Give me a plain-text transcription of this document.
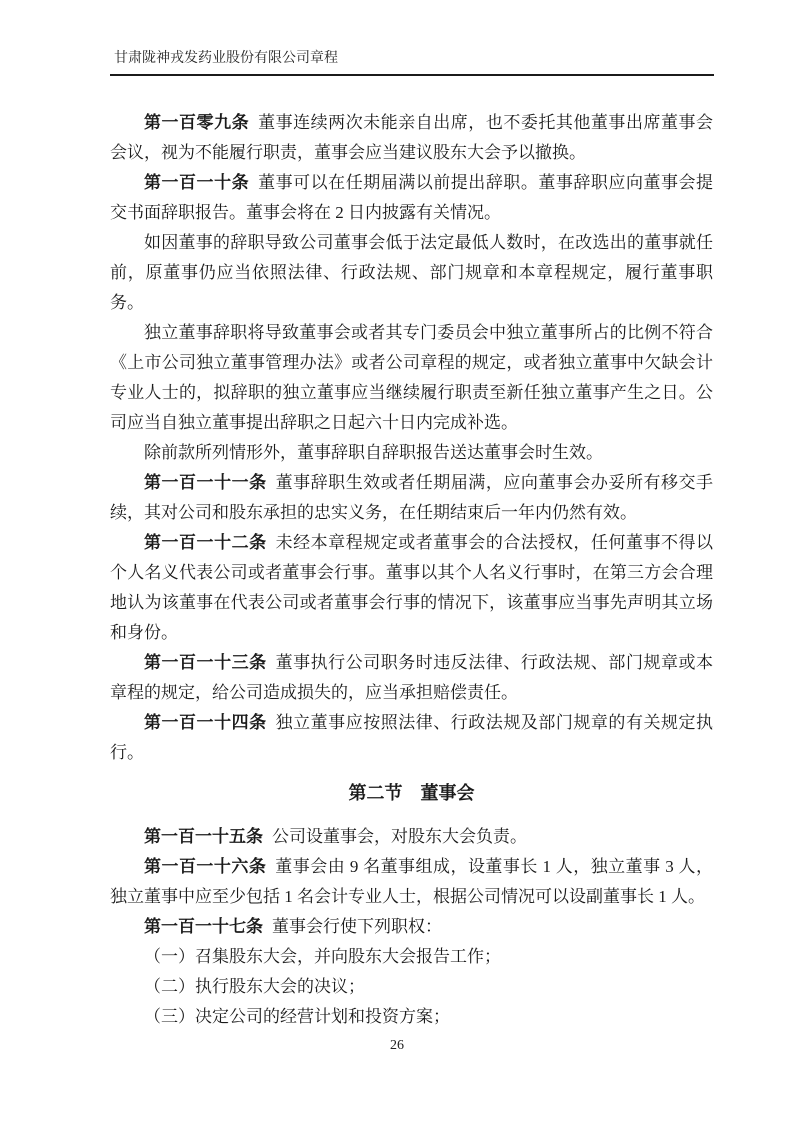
甘肃陇神戎发药业股份有限公司章程

第一百零九条 董事连续两次未能亲自出席，也不委托其他董事出席董事会会议，视为不能履行职责，董事会应当建议股东大会予以撤换。

第一百一十条 董事可以在任期届满以前提出辞职。董事辞职应向董事会提交书面辞职报告。董事会将在 2 日内披露有关情况。

如因董事的辞职导致公司董事会低于法定最低人数时，在改选出的董事就任前，原董事仍应当依照法律、行政法规、部门规章和本章程规定，履行董事职务。

独立董事辞职将导致董事会或者其专门委员会中独立董事所占的比例不符合《上市公司独立董事管理办法》或者公司章程的规定，或者独立董事中欠缺会计专业人士的，拟辞职的独立董事应当继续履行职责至新任独立董事产生之日。公司应当自独立董事提出辞职之日起六十日内完成补选。

除前款所列情形外，董事辞职自辞职报告送达董事会时生效。

第一百一十一条 董事辞职生效或者任期届满，应向董事会办妥所有移交手续，其对公司和股东承担的忠实义务，在任期结束后一年内仍然有效。

第一百一十二条 未经本章程规定或者董事会的合法授权，任何董事不得以个人名义代表公司或者董事会行事。董事以其个人名义行事时，在第三方会合理地认为该董事在代表公司或者董事会行事的情况下，该董事应当事先声明其立场和身份。

第一百一十三条 董事执行公司职务时违反法律、行政法规、部门规章或本章程的规定，给公司造成损失的，应当承担赔偿责任。

第一百一十四条 独立董事应按照法律、行政法规及部门规章的有关规定执行。

第二节　董事会

第一百一十五条 公司设董事会，对股东大会负责。

第一百一十六条 董事会由 9 名董事组成，设董事长 1 人，独立董事 3 人，独立董事中应至少包括 1 名会计专业人士，根据公司情况可以设副董事长 1 人。

第一百一十七条 董事会行使下列职权：

（一）召集股东大会，并向股东大会报告工作；

（二）执行股东大会的决议；

（三）决定公司的经营计划和投资方案；

26
